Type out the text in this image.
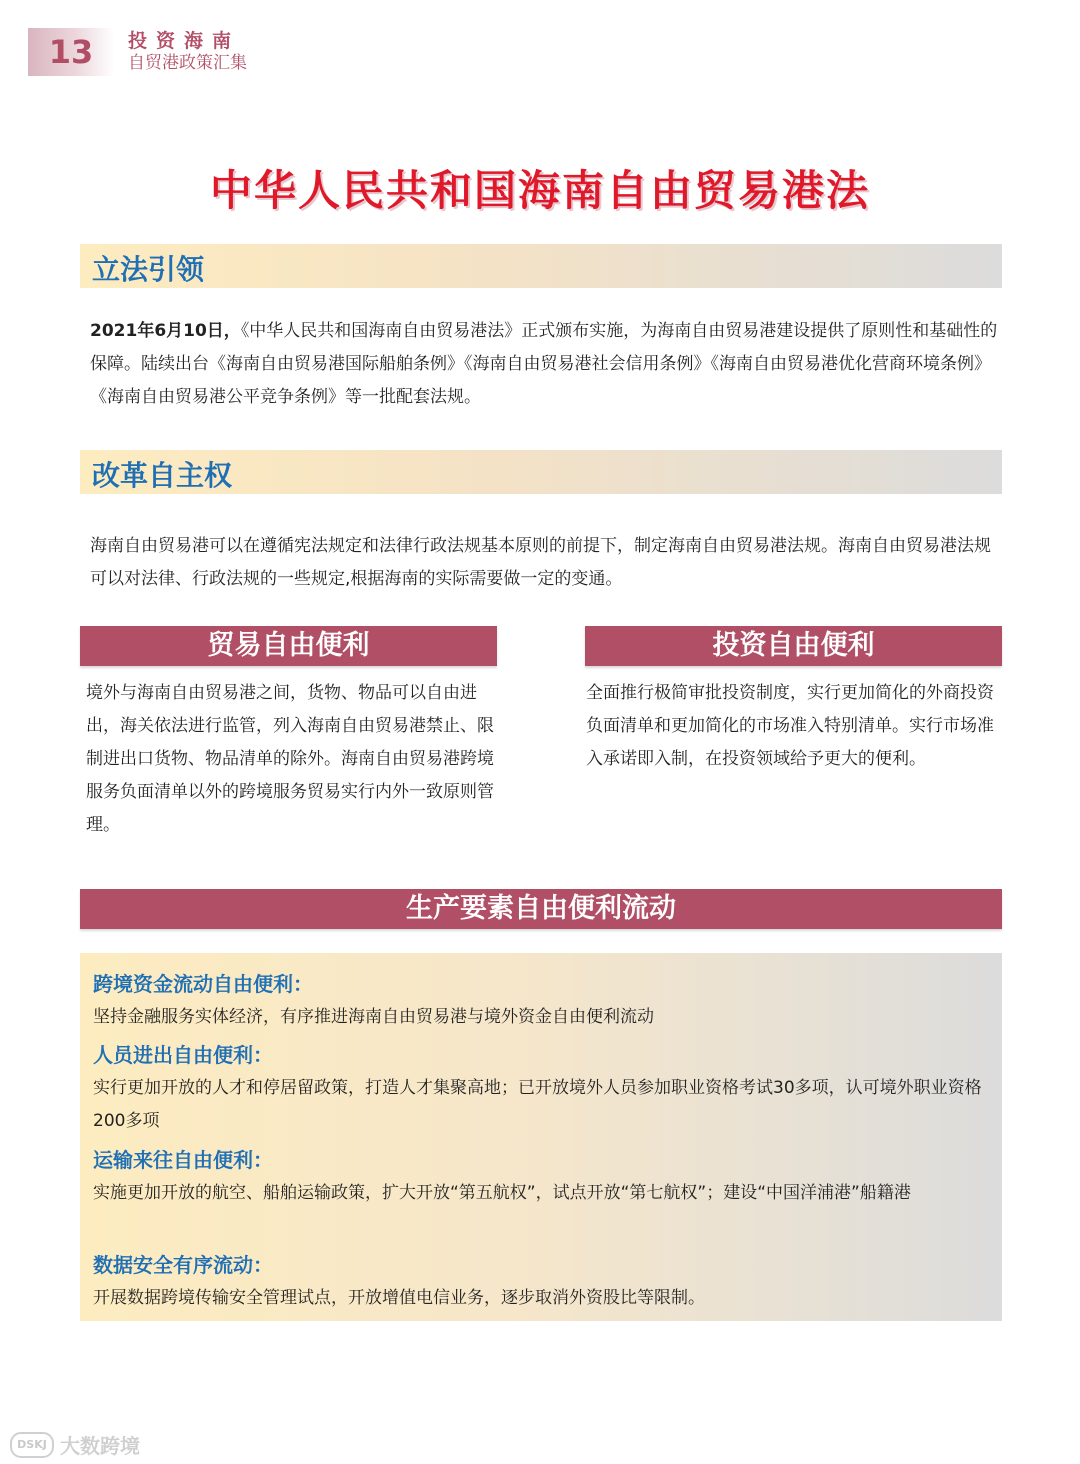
13	投资海南
自贸港政策汇集
中华人民共和国海南自由贸易港法
立法引领
2021年6月10日，《中华人民共和国海南自由贸易港法》正式颁布实施，为海南自由贸易港建设提供了原则性和基础性的保障。陆续出台《海南自由贸易港国际船舶条例》《海南自由贸易港社会信用条例》《海南自由贸易港优化营商环境条例》《海南自由贸易港公平竞争条例》等一批配套法规。
改革自主权
海南自由贸易港可以在遵循宪法规定和法律行政法规基本原则的前提下，制定海南自由贸易港法规。海南自由贸易港法规可以对法律、行政法规的一些规定,根据海南的实际需要做一定的变通。
贸易自由便利	投资自由便利
境外与海南自由贸易港之间，货物、物品可以自由进出，海关依法进行监管，列入海南自由贸易港禁止、限制进出口货物、物品清单的除外。海南自由贸易港跨境服务负面清单以外的跨境服务贸易实行内外一致原则管理。
全面推行极简审批投资制度，实行更加简化的外商投资负面清单和更加简化的市场准入特别清单。实行市场准入承诺即入制，在投资领域给予更大的便利。
生产要素自由便利流动
跨境资金流动自由便利：
坚持金融服务实体经济，有序推进海南自由贸易港与境外资金自由便利流动
人员进出自由便利：
实行更加开放的人才和停居留政策，打造人才集聚高地；已开放境外人员参加职业资格考试30多项，认可境外职业资格200多项
运输来往自由便利：
实施更加开放的航空、船舶运输政策，扩大开放“第五航权”，试点开放“第七航权”；建设“中国洋浦港”船籍港
数据安全有序流动：
开展数据跨境传输安全管理试点，开放增值电信业务，逐步取消外资股比等限制。
DSKJ 大数跨境
